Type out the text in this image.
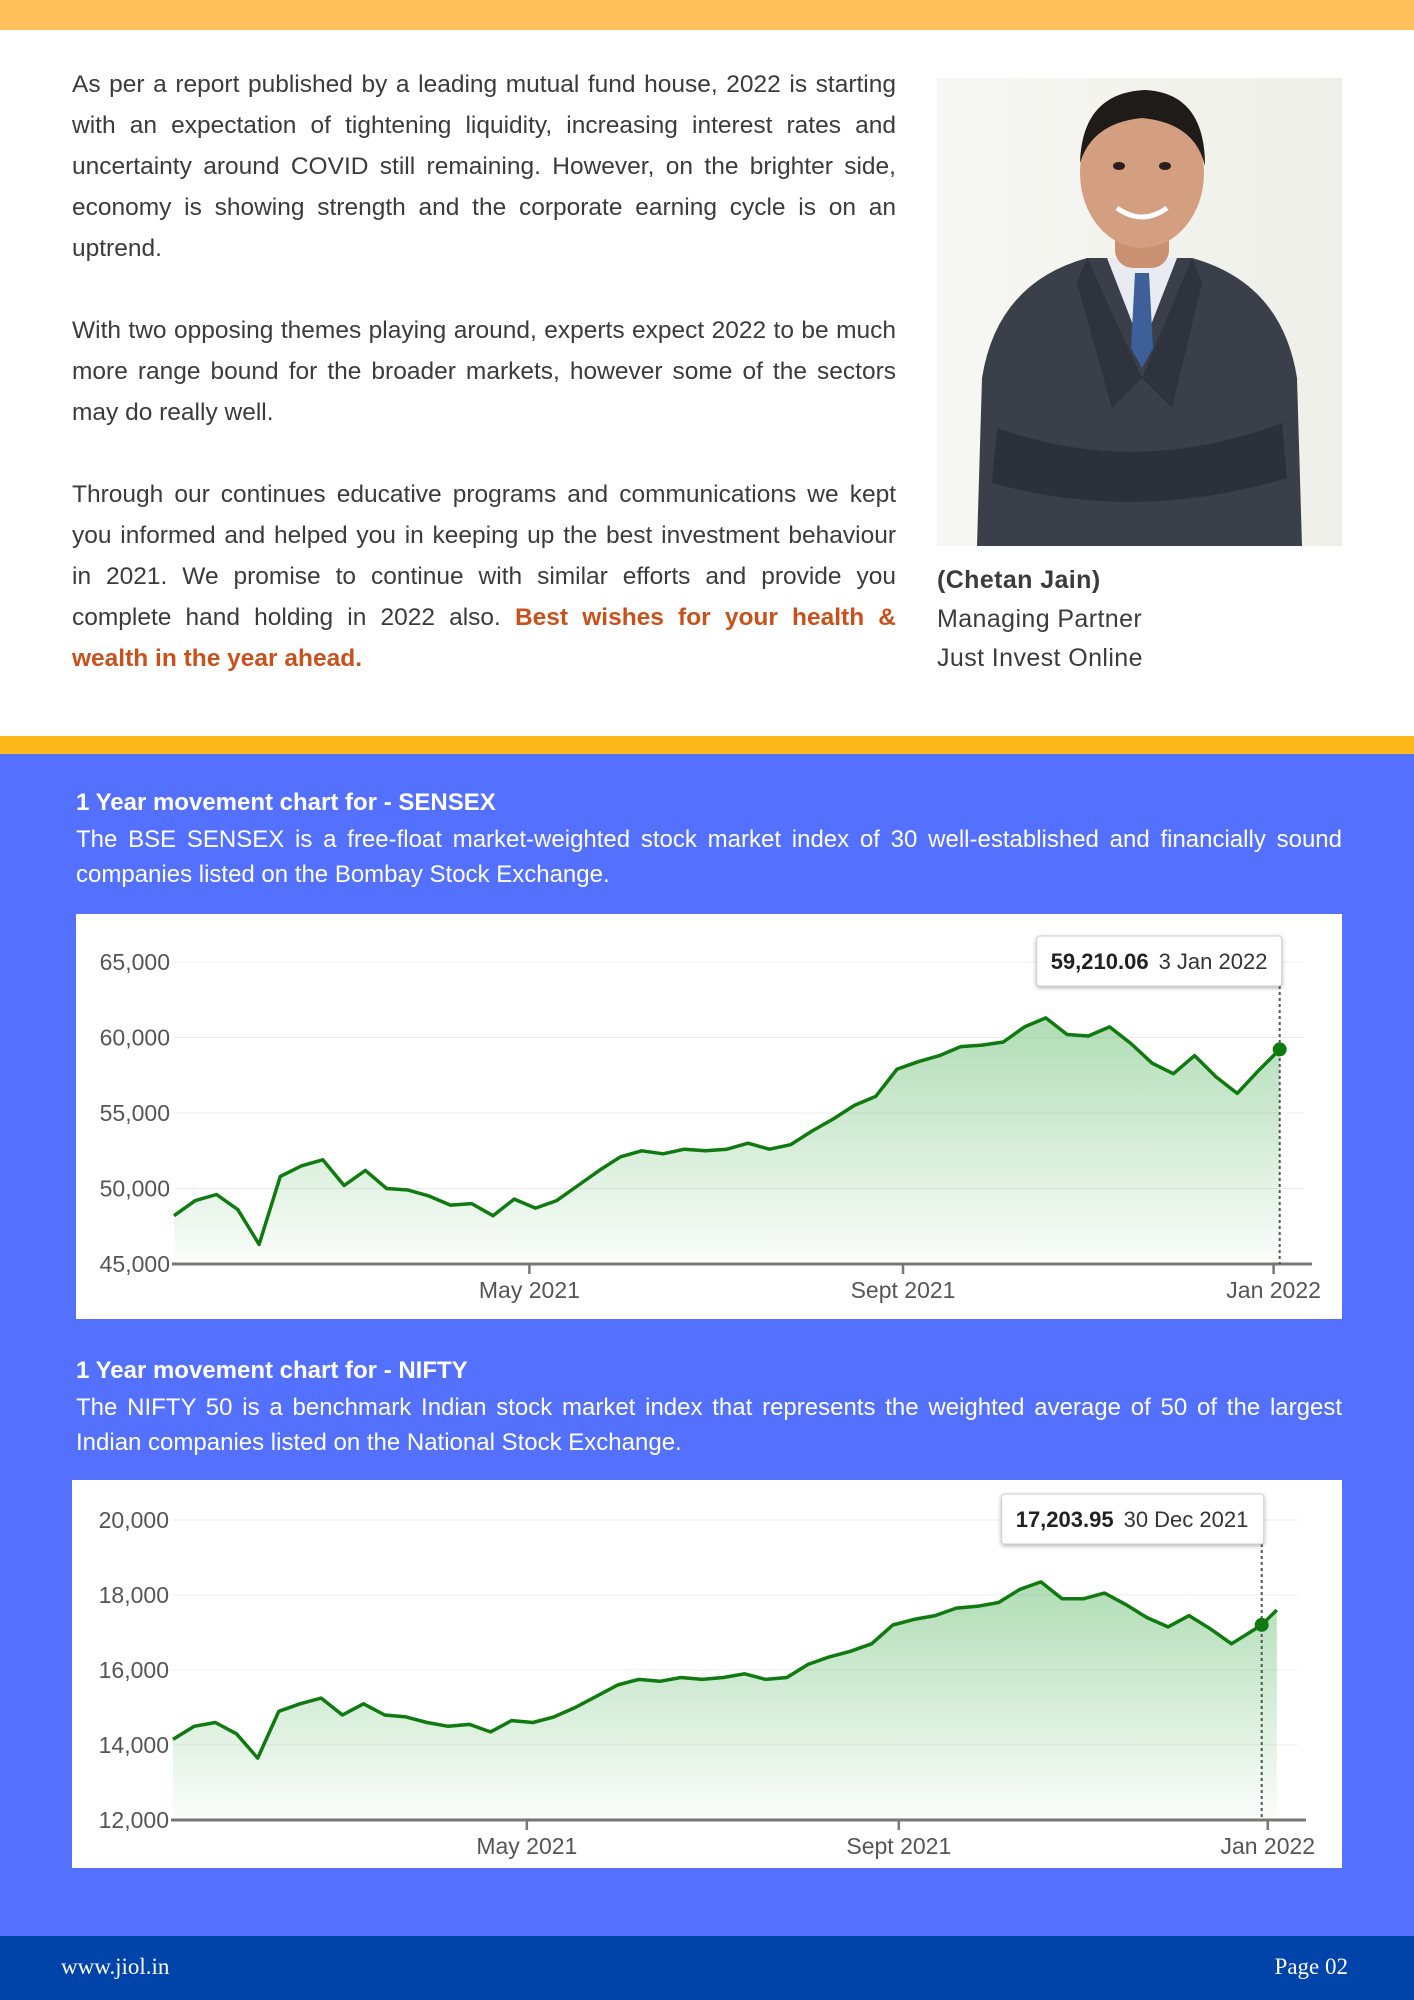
As per a report published by a leading mutual fund house, 2022 is starting with an expectation of tightening liquidity, increasing interest rates and uncertainty around COVID still remaining. However, on the brighter side, economy is showing strength and the corporate earning cycle is on an uptrend.

With two opposing themes playing around, experts expect 2022 to be much more range bound for the broader markets, however some of the sectors may do really well.

Through our continues educative programs and communications we kept you informed and helped you in keeping up the best investment behaviour in 2021. We promise to continue with similar efforts and provide you complete hand holding in 2022 also. Best wishes for your health & wealth in the year ahead.

(Chetan Jain)
Managing Partner
Just Invest Online
1 Year movement chart for - SENSEX
The BSE SENSEX is a free-float market-weighted stock market index of 30 well-established and financially sound companies listed on the Bombay Stock Exchange.
65,000
60,000
55,000
50,000
45,000
May 2021	Sept 2021	Jan 2022
59,210.06 3 Jan 2022
1 Year movement chart for - NIFTY
The NIFTY 50 is a benchmark Indian stock market index that represents the weighted average of 50 of the largest Indian companies listed on the National Stock Exchange.
20,000
18,000
16,000
14,000
12,000
May 2021	Sept 2021	Jan 2022
17,203.95 30 Dec 2021
www.jiol.in	Page 02
